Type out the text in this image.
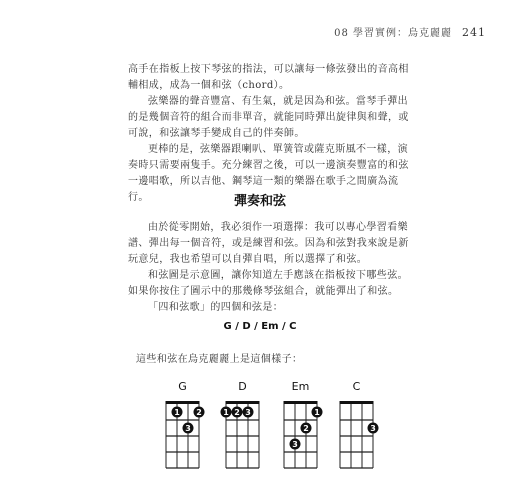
08 學習實例：烏克麗麗 241

高手在指板上按下琴弦的指法，可以讓每一條弦發出的音高相輔相成，成為一個和弦（chord）。

弦樂器的聲音豐富、有生氣，就是因為和弦。當琴手彈出的是幾個音符的組合而非單音，就能同時彈出旋律與和聲，或可說，和弦讓琴手變成自己的伴奏師。

更棒的是，弦樂器跟喇叭、單簧管或薩克斯風不一樣，演奏時只需要兩隻手。充分練習之後，可以一邊演奏豐富的和弦一邊唱歌，所以吉他、鋼琴這一類的樂器在歌手之間廣為流行。	彈奏和弦

由於從零開始，我必須作一項選擇：我可以專心學習看樂譜、彈出每一個音符，或是練習和弦。因為和弦對我來說是新玩意兒，我也希望可以自彈自唱，所以選擇了和弦。

和弦圖是示意圖，讓你知道左手應該在指板按下哪些弦。如果你按住了圖示中的那幾條琴弦組合，就能彈出了和弦。

「四和弦歌」的四個和弦是：

G / D / Em / C
這些和弦在烏克麗麗上是這個樣子：
G
1 2
3
D
1 2 3
Em
1
2
3
C
3
